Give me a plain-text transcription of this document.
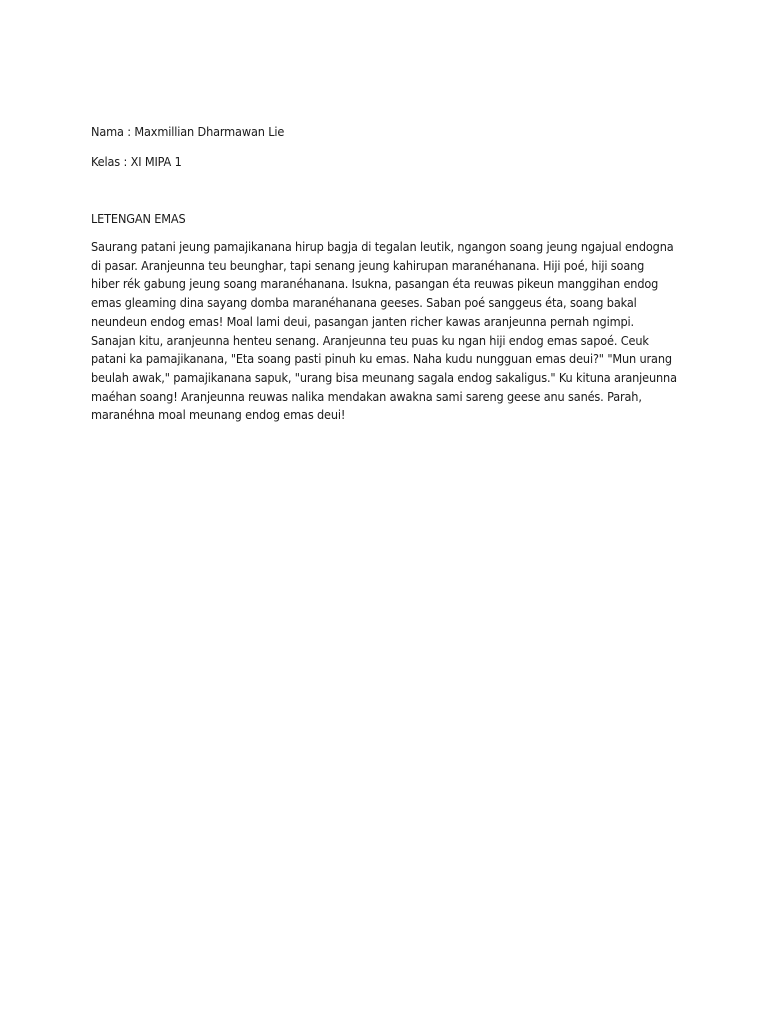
Nama : Maxmillian Dharmawan Lie

Kelas : XI MIPA 1

LETENGAN EMAS

Saurang patani jeung pamajikanana hirup bagja di tegalan leutik, ngangon soang jeung ngajual endogna
di pasar. Aranjeunna teu beunghar, tapi senang jeung kahirupan maranéhanana. Hiji poé, hiji soang
hiber rék gabung jeung soang maranéhanana. Isukna, pasangan éta reuwas pikeun manggihan endog
emas gleaming dina sayang domba maranéhanana geeses. Saban poé sanggeus éta, soang bakal
neundeun endog emas! Moal lami deui, pasangan janten richer kawas aranjeunna pernah ngimpi.
Sanajan kitu, aranjeunna henteu senang. Aranjeunna teu puas ku ngan hiji endog emas sapoé. Ceuk
patani ka pamajikanana, "Eta soang pasti pinuh ku emas. Naha kudu nungguan emas deui?" "Mun urang
beulah awak," pamajikanana sapuk, "urang bisa meunang sagala endog sakaligus." Ku kituna aranjeunna
maéhan soang! Aranjeunna reuwas nalika mendakan awakna sami sareng geese anu sanés. Parah,
maranéhna moal meunang endog emas deui!
